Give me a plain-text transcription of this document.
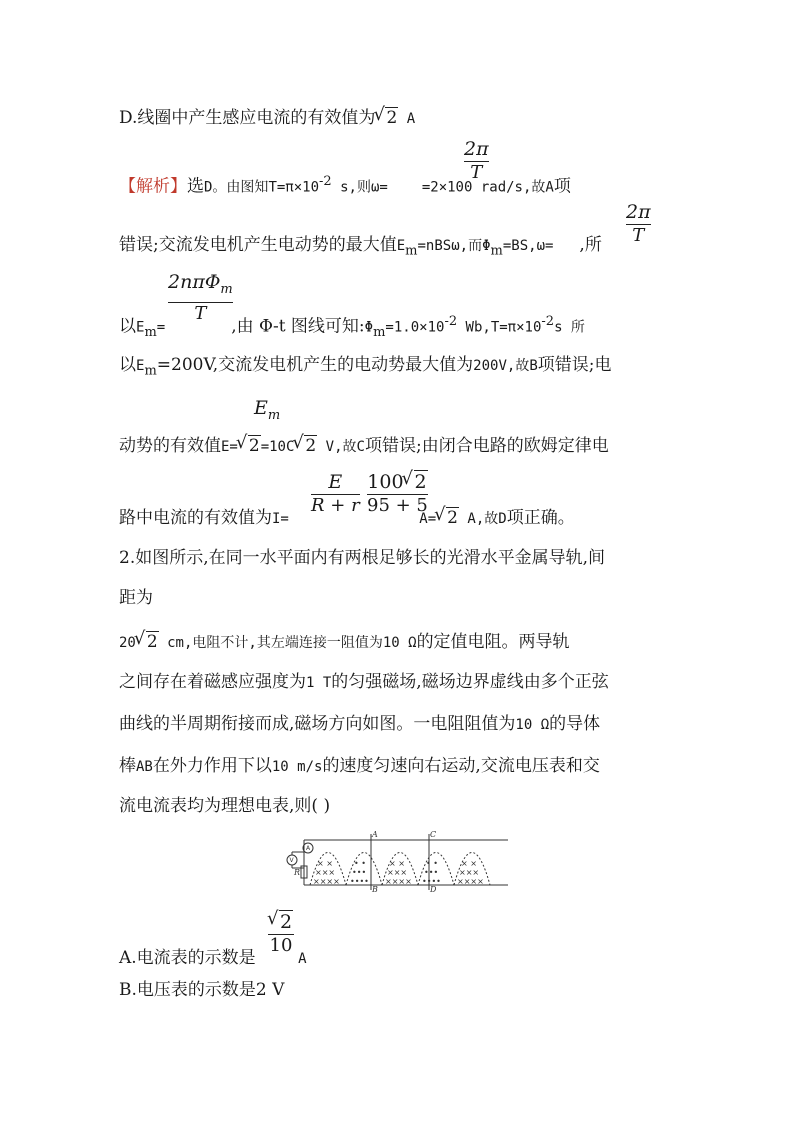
D.线圈中产生感应电流的有效值为 √ 2 A
$\frac{2\pi}{T}$
【解析】选D。由图知$T=\pi\times 10^{-2}$ s,则ω= =2×100 rad/s,故A项
$\frac{2\pi}{T}$
错误;交流发电机产生电动势的最大值$E_m=nBS\omega$,而$\Phi_m=BS,\omega=$ ,所
$\frac{2n\pi\Phi_m}{T}$
以$E_m=$	,由 Φ-t 图线可知$:\Phi_m=1.0\times 10^{-2}$ $Wb,T=\pi\times 10^{-2}s$ 所
以$E_m=200V$,交流发电机产生的电动势最大值为200V,故B项错误;电
$E_m$
动势的有效值E= √ 2=10C √ 2 V,故C项错误;由闭合电路的欧姆定律电
$\frac{E}{R + r} \frac{100 √ 2}{95 + 5}$
路中电流的有效值为I=	A= √ 2 A,故D项正确。
2.如图所示,在同一水平面内有两根足够长的光滑水平金属导轨,间
距为
20 √ 2 cm,电阻不计,其左端连接一阻值为10 Ω的定值电阻。两导轨
之间存在着磁感应强度为1 T的匀强磁场,磁场边界虚线由多个正弦
曲线的半周期衔接而成,磁场方向如图。一电阻阻值为10 Ω的导体
棒AB在外力作用下以10 m/s的速度匀速向右运动,交流电压表和交
流电流表均为理想电表,则( )
× ×
×××
××××
• •
•••
••••
× ×
×××
××××
• •
•••
••••
× ×
×××
××××
A
B
C
D
R
V
A
√ $\frac{2}{10}$
A.电流表的示数是 A
B.电压表的示数是2 V
